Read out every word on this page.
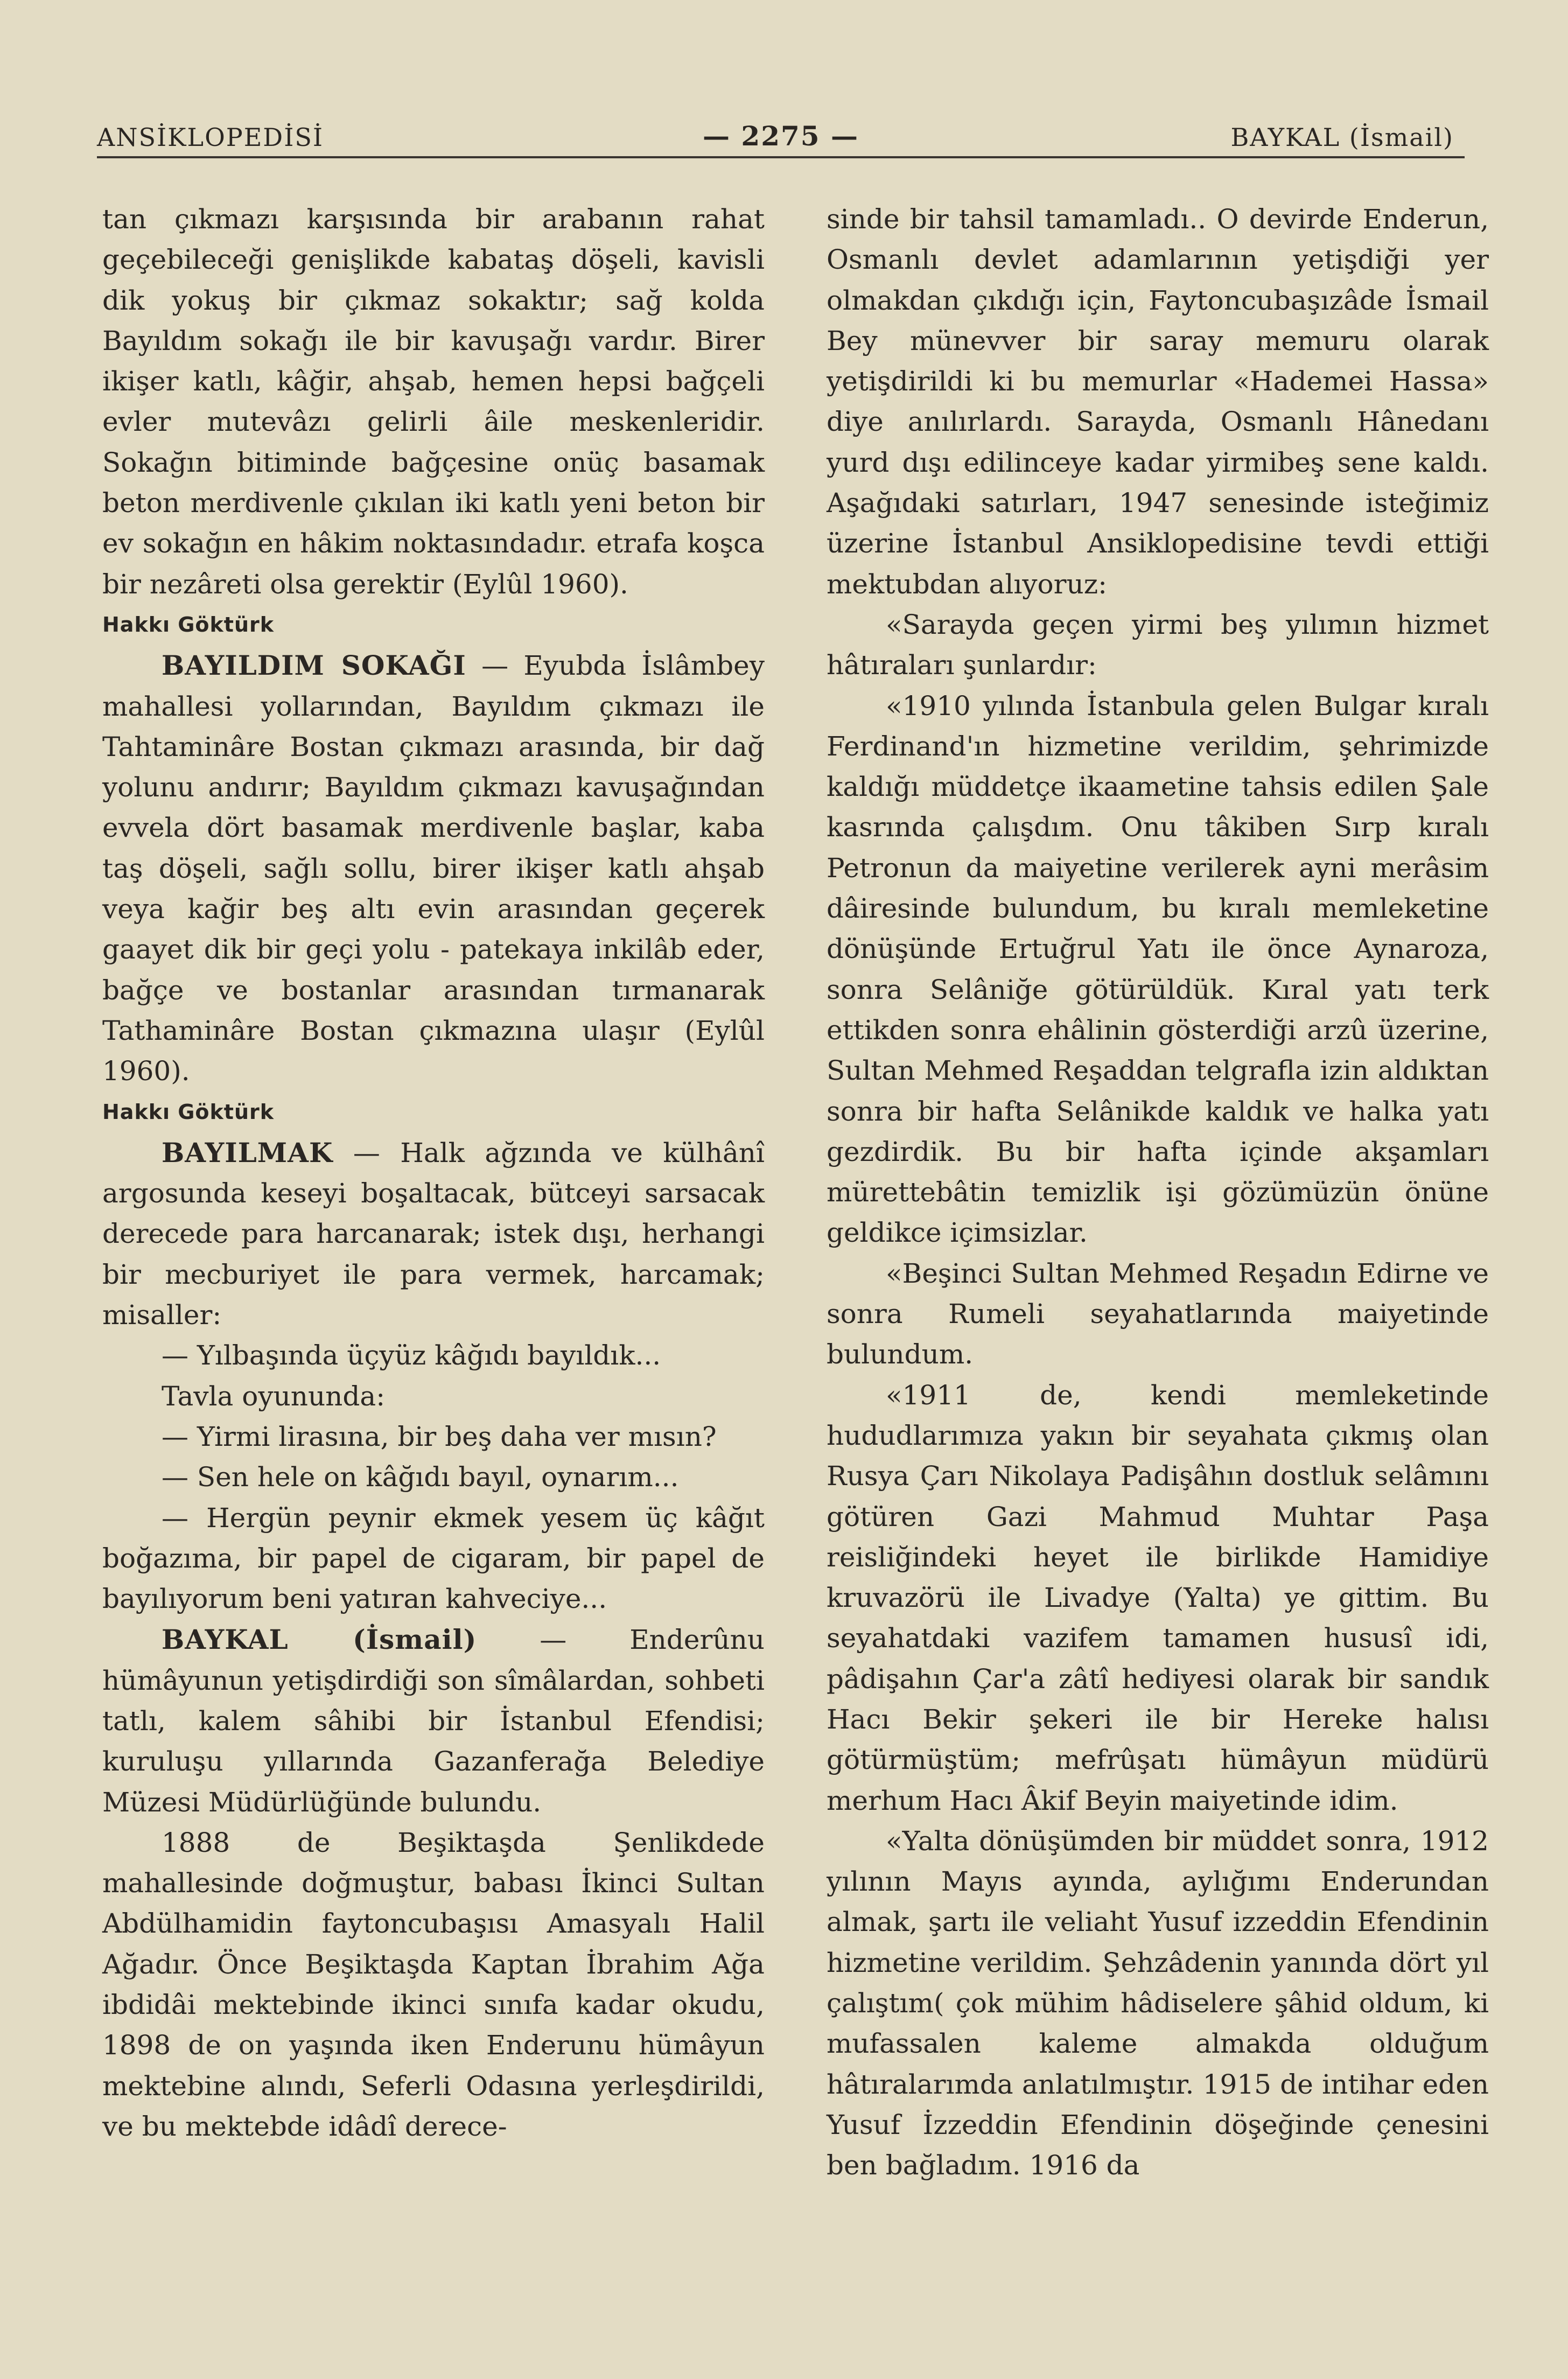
ANSİKLOPEDİSİ	— 2275 —	BAYKAL (İsmail)

tan çıkmazı karşısında bir arabanın rahat geçebileceği genişlikde kabataş döşeli, kavisli dik yokuş bir çıkmaz sokaktır; sağ kolda Bayıldım sokağı ile bir kavuşağı vardır. Birer ikişer katlı, kâğir, ahşab, hemen hepsi bağçeli evler mutevâzı gelirli âile meskenleridir. Sokağın bitiminde bağçesine onüç basamak beton merdivenle çıkılan iki katlı yeni beton bir ev sokağın en hâkim noktasındadır. etrafa koşca bir nezâreti olsa gerektir (Eylûl 1960).

Hakkı Göktürk

BAYILDIM SOKAĞI — Eyubda İslâmbey mahallesi yollarından, Bayıldım çıkmazı ile Tahtaminâre Bostan çıkmazı arasında, bir dağ yolunu andırır; Bayıldım çıkmazı kavuşağından evvela dört basamak merdivenle başlar, kaba taş döşeli, sağlı sollu, birer ikişer katlı ahşab veya kağir beş altı evin arasından geçerek gaayet dik bir geçi yolu - patekaya inkilâb eder, bağçe ve bostanlar arasından tırmanarak Tathaminâre Bostan çıkmazına ulaşır (Eylûl 1960).

Hakkı Göktürk

BAYILMAK — Halk ağzında ve külhânî argosunda keseyi boşaltacak, bütceyi sarsacak derecede para harcanarak; istek dışı, herhangi bir mecburiyet ile para vermek, harcamak; misaller:

— Yılbaşında üçyüz kâğıdı bayıldık...

Tavla oyununda:

— Yirmi lirasına, bir beş daha ver mısın?

— Sen hele on kâğıdı bayıl, oynarım...

— Hergün peynir ekmek yesem üç kâğıt boğazıma, bir papel de cigaram, bir papel de bayılıyorum beni yatıran kahveciye...

BAYKAL (İsmail) — Enderûnu hümâyunun yetişdirdiği son sîmâlardan, sohbeti tatlı, kalem sâhibi bir İstanbul Efendisi; kuruluşu yıllarında Gazanferağa Belediye Müzesi Müdürlüğünde bulundu.

1888 de Beşiktaşda Şenlikdede mahallesinde doğmuştur, babası İkinci Sultan Abdülhamidin faytoncubaşısı Amasyalı Halil Ağadır. Önce Beşiktaşda Kaptan İbrahim Ağa ibdidâi mektebinde ikinci sınıfa kadar okudu, 1898 de on yaşında iken Enderunu hümâyun mektebine alındı, Seferli Odasına yerleşdirildi, ve bu mektebde idâdî derece-

sinde bir tahsil tamamladı.. O devirde Enderun, Osmanlı devlet adamlarının yetişdiği yer olmakdan çıkdığı için, Faytoncubaşızâde İsmail Bey münevver bir saray memuru olarak yetişdirildi ki bu memurlar «Hademei Hassa» diye anılırlardı. Sarayda, Osmanlı Hânedanı yurd dışı edilinceye kadar yirmibeş sene kaldı. Aşağıdaki satırları, 1947 senesinde isteğimiz üzerine İstanbul Ansiklopedisine tevdi ettiği mektubdan alıyoruz:

«Sarayda geçen yirmi beş yılımın hizmet hâtıraları şunlardır:

«1910 yılında İstanbula gelen Bulgar kıralı Ferdinand'ın hizmetine verildim, şehrimizde kaldığı müddetçe ikaametine tahsis edilen Şale kasrında çalışdım. Onu tâkiben Sırp kıralı Petronun da maiyetine verilerek ayni merâsim dâiresinde bulundum, bu kıralı memleketine dönüşünde Ertuğrul Yatı ile önce Aynaroza, sonra Selâniğe götürüldük. Kıral yatı terk ettikden sonra ehâlinin gösterdiği arzû üzerine, Sultan Mehmed Reşaddan telgrafla izin aldıktan sonra bir hafta Selânikde kaldık ve halka yatı gezdirdik. Bu bir hafta içinde akşamları mürettebâtin temizlik işi gözümüzün önüne geldikce içimsizlar.

«Beşinci Sultan Mehmed Reşadın Edirne ve sonra Rumeli seyahatlarında maiyetinde bulundum.

«1911 de, kendi memleketinde hududlarımıza yakın bir seyahata çıkmış olan Rusya Çarı Nikolaya Padişâhın dostluk selâmını götüren Gazi Mahmud Muhtar Paşa reisliğindeki heyet ile birlikde Hamidiye kruvazörü ile Livadye (Yalta) ye gittim. Bu seyahatdaki vazifem tamamen hususî idi, pâdişahın Çar'a zâtî hediyesi olarak bir sandık Hacı Bekir şekeri ile bir Hereke halısı götürmüştüm; mefrûşatı hümâyun müdürü merhum Hacı Âkif Beyin maiyetinde idim.

«Yalta dönüşümden bir müddet sonra, 1912 yılının Mayıs ayında, aylığımı Enderundan almak, şartı ile veliaht Yusuf izzeddin Efendinin hizmetine verildim. Şehzâdenin yanında dört yıl çalıştım( çok mühim hâdiselere şâhid oldum, ki mufassalen kaleme almakda olduğum hâtıralarımda anlatılmıştır. 1915 de intihar eden Yusuf İzzeddin Efendinin döşeğinde çenesini ben bağladım. 1916 da
